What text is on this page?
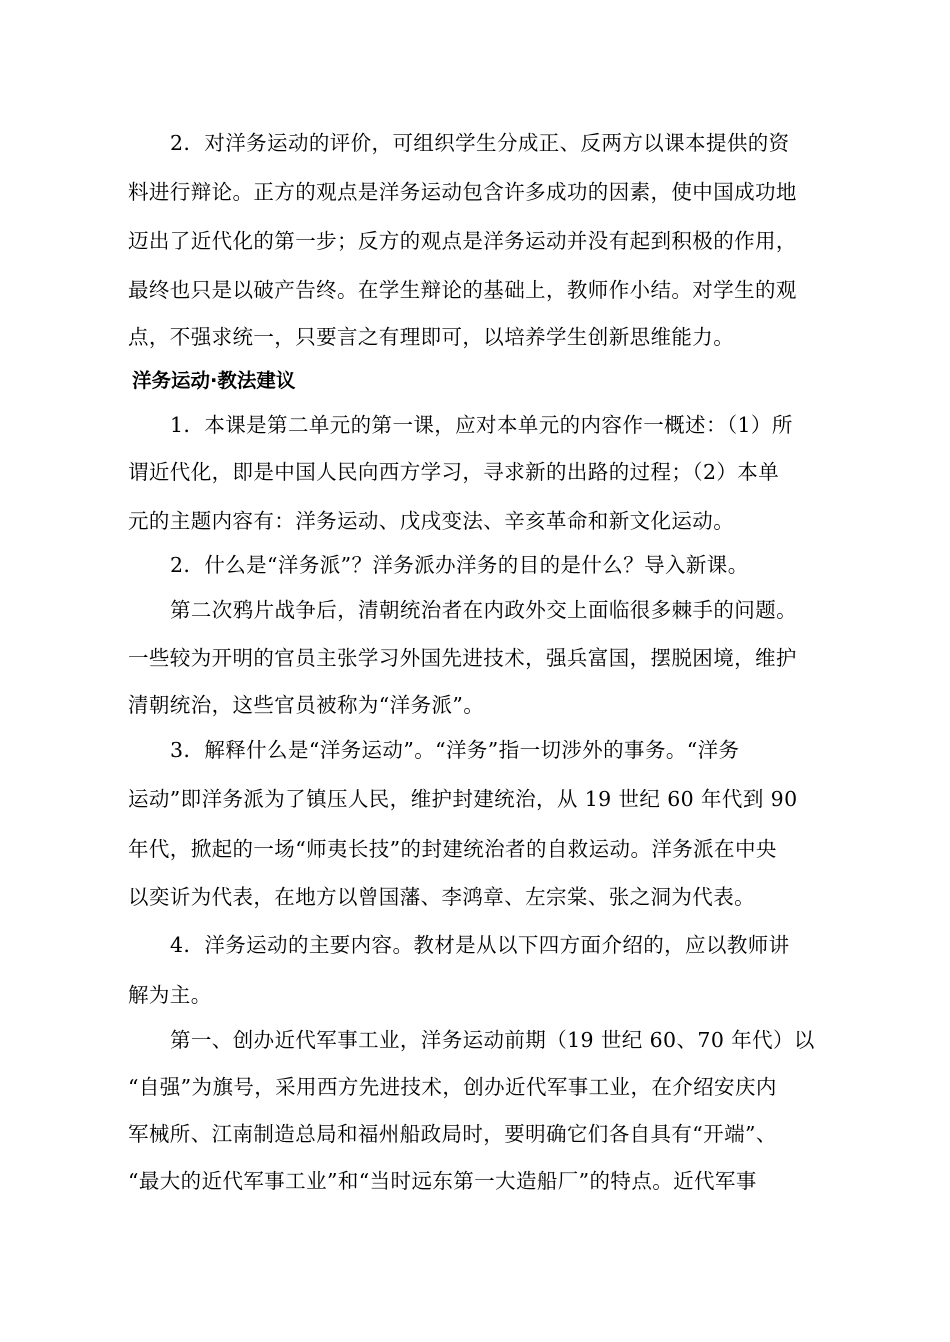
2．对洋务运动的评价，可组织学生分成正、反两方以课本提供的资
料进行辩论。正方的观点是洋务运动包含许多成功的因素，使中国成功地
迈出了近代化的第一步；反方的观点是洋务运动并没有起到积极的作用，
最终也只是以破产告终。在学生辩论的基础上，教师作小结。对学生的观
点，不强求统一，只要言之有理即可，以培养学生创新思维能力。
洋务运动·教法建议
1．本课是第二单元的第一课，应对本单元的内容作一概述：（1）所
谓近代化，即是中国人民向西方学习，寻求新的出路的过程；（2）本单
元的主题内容有：洋务运动、戊戌变法、辛亥革命和新文化运动。
2．什么是“洋务派”？洋务派办洋务的目的是什么？导入新课。
第二次鸦片战争后，清朝统治者在内政外交上面临很多棘手的问题。
一些较为开明的官员主张学习外国先进技术，强兵富国，摆脱困境，维护
清朝统治，这些官员被称为“洋务派”。
3．解释什么是“洋务运动”。“洋务”指一切涉外的事务。“洋务
运动”即洋务派为了镇压人民，维护封建统治，从 19 世纪 60 年代到 90
年代，掀起的一场“师夷长技”的封建统治者的自救运动。洋务派在中央
以奕䜣为代表，在地方以曾国藩、李鸿章、左宗棠、张之洞为代表。
4．洋务运动的主要内容。教材是从以下四方面介绍的，应以教师讲
解为主。
第一、创办近代军事工业，洋务运动前期（19 世纪 60、70 年代）以
“自强”为旗号，采用西方先进技术，创办近代军事工业，在介绍安庆内
军械所、江南制造总局和福州船政局时，要明确它们各自具有“开端”、
“最大的近代军事工业”和“当时远东第一大造船厂”的特点。近代军事
